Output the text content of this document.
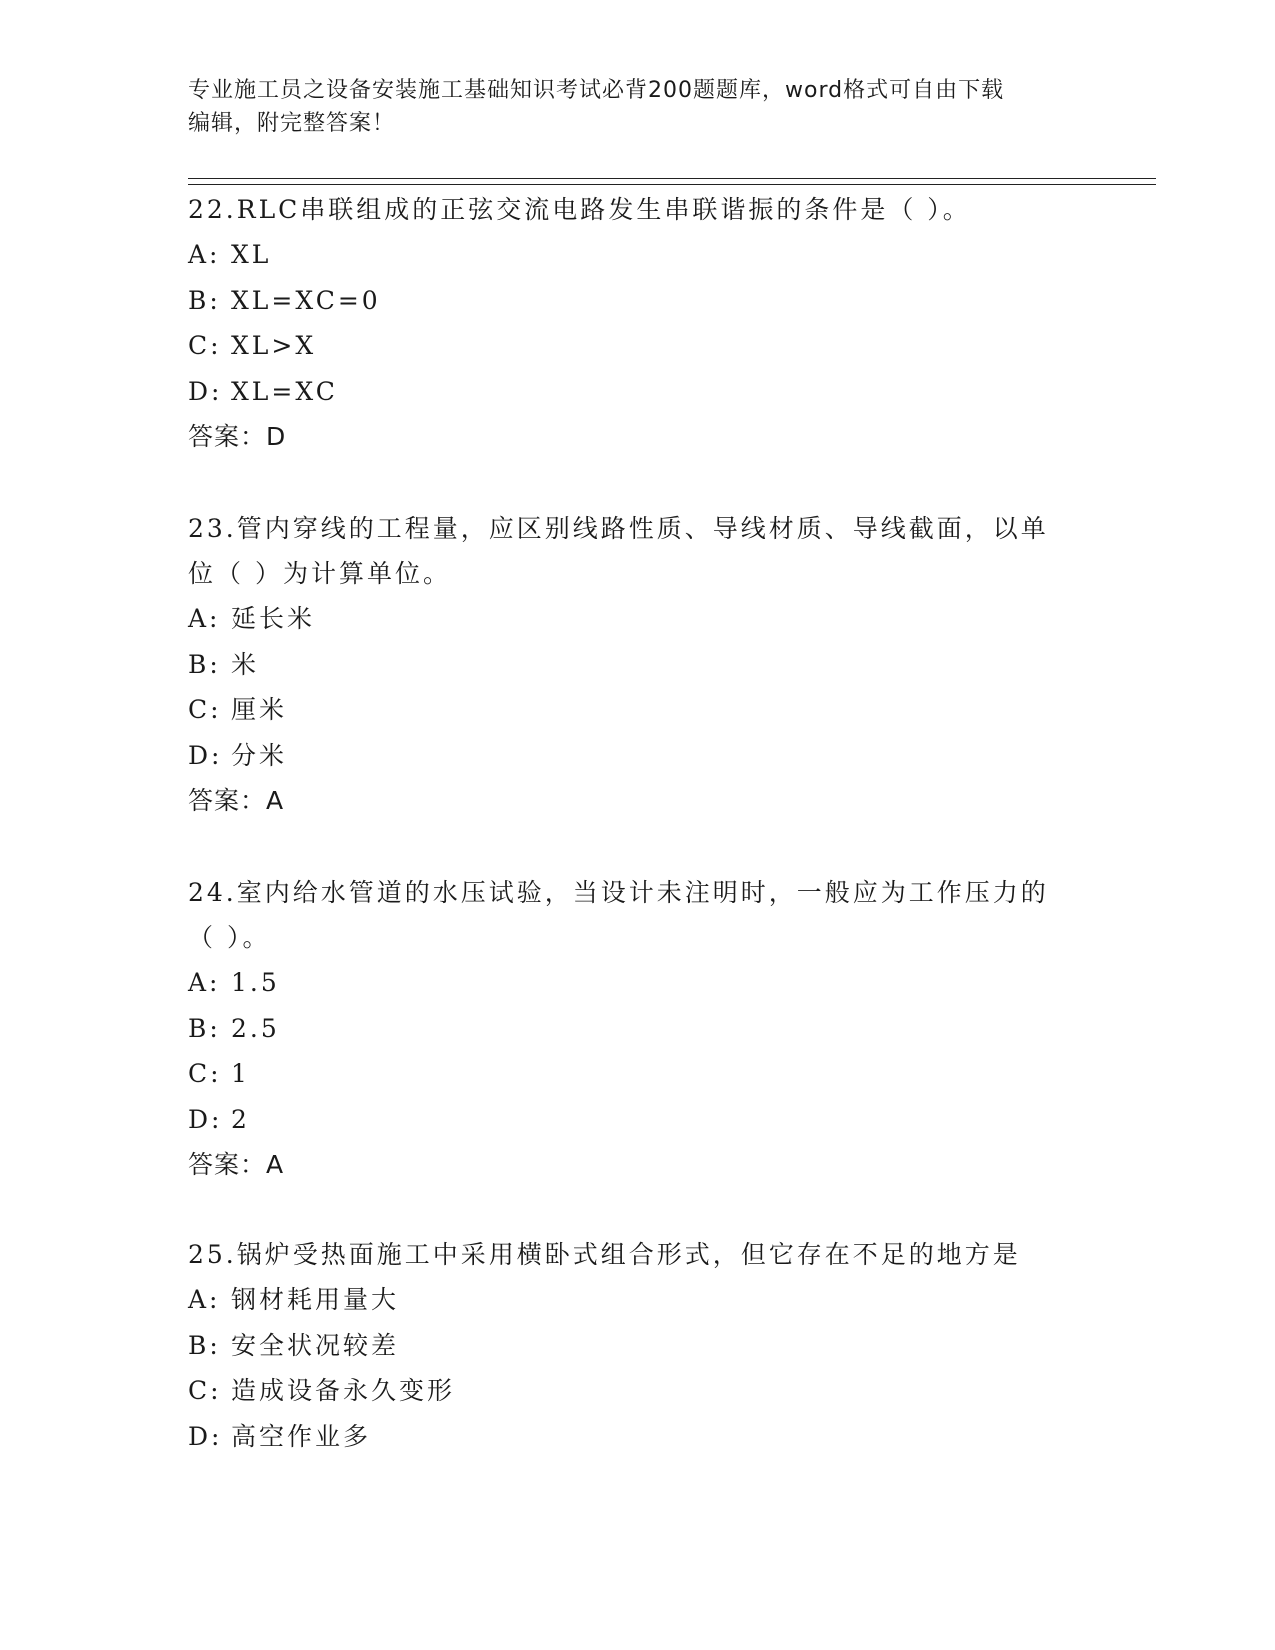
专业施工员之设备安装施工基础知识考试必背200题题库，word格式可自由下载
编辑，附完整答案！
22.RLC串联组成的正弦交流电路发生串联谐振的条件是（ ）。
A: XL
B: XL=XC=0
C: XL>X
D: XL=XC
答案：D
23.管内穿线的工程量，应区别线路性质、导线材质、导线截面，以单
位（ ）为计算单位。
A: 延长米
B: 米
C: 厘米
D: 分米
答案：A
24.室内给水管道的水压试验，当设计未注明时，一般应为工作压力的
（ ）。
A: 1.5
B: 2.5
C: 1
D: 2
答案：A
25.锅炉受热面施工中采用横卧式组合形式，但它存在不足的地方是
A: 钢材耗用量大
B: 安全状况较差
C: 造成设备永久变形
D: 高空作业多
